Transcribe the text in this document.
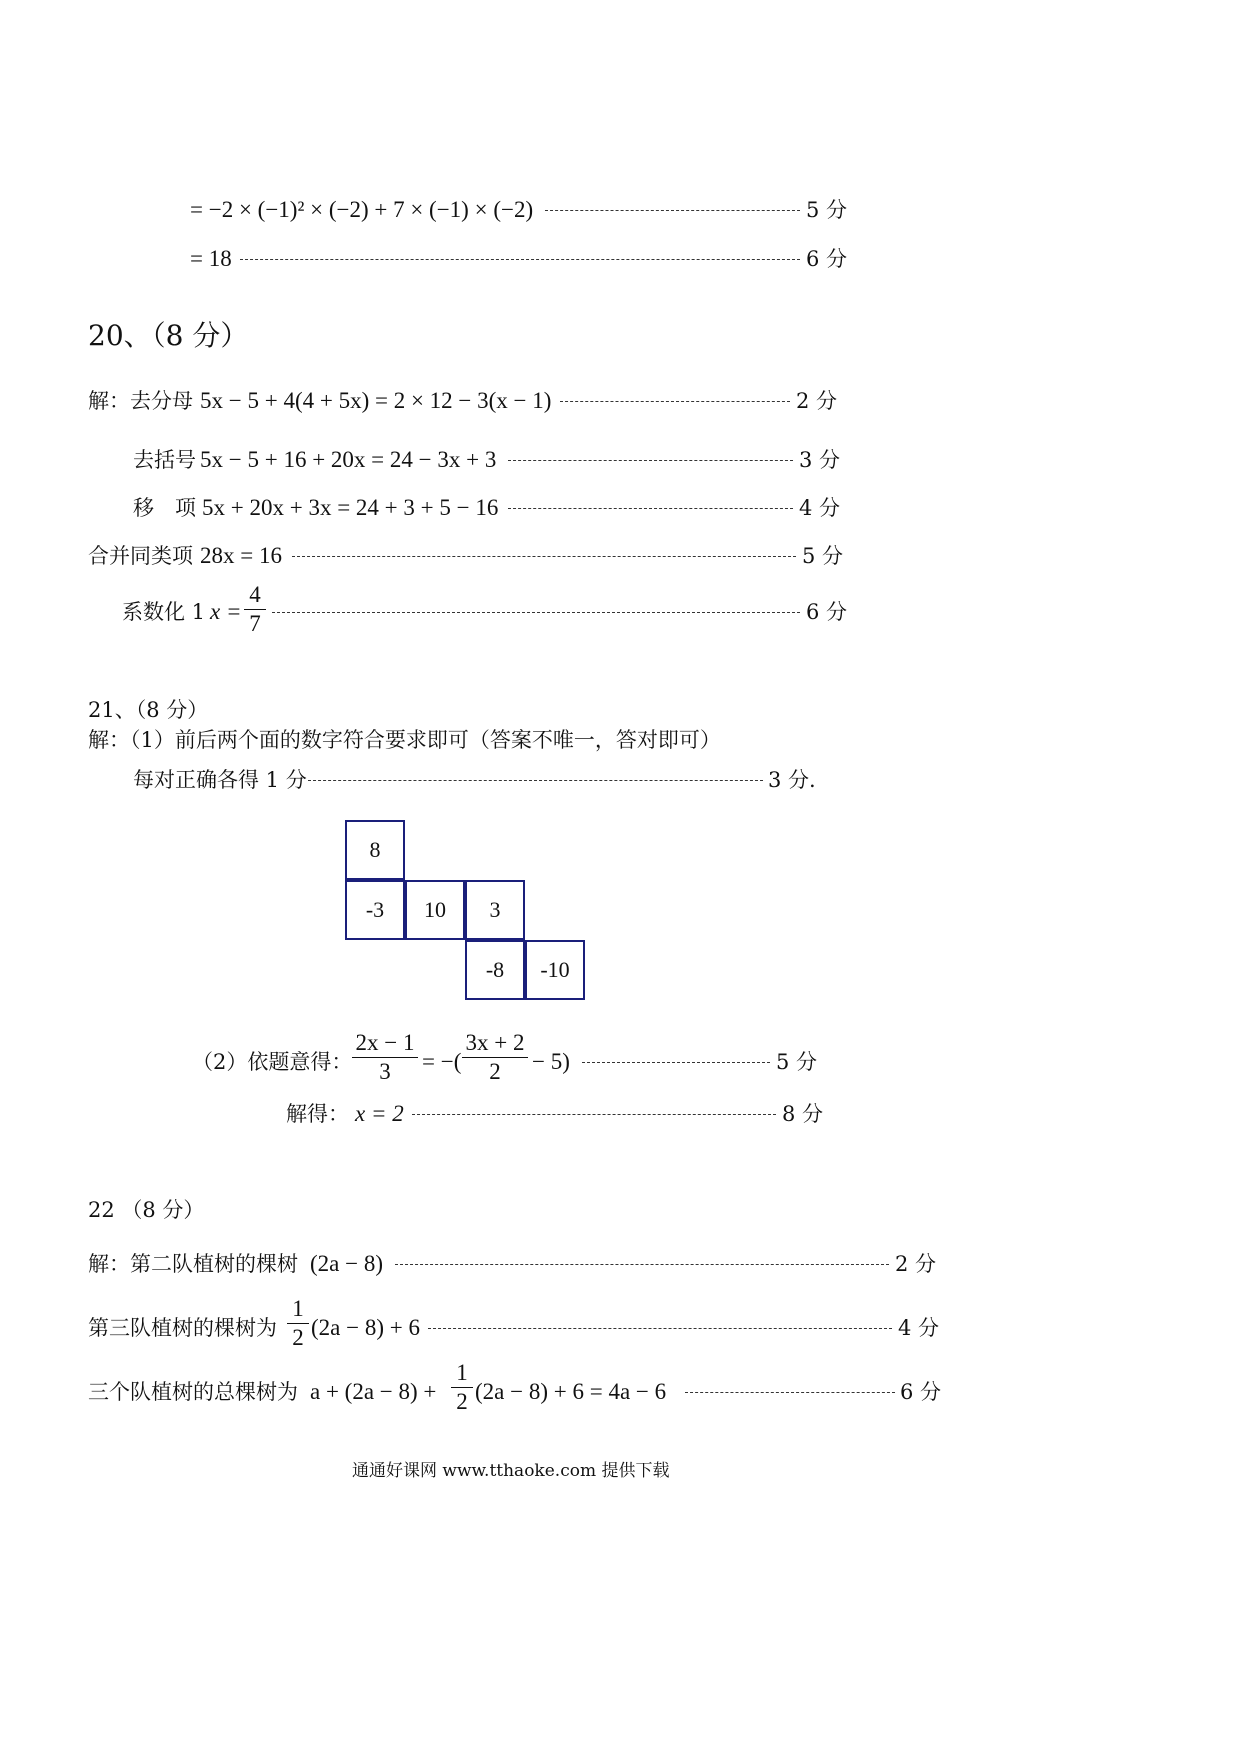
= −2 × (−1)² × (−2) + 7 × (−1) × (−2)	5 分
= 18	6 分
20、（8 分）
解：去分母 5x − 5 + 4(4 + 5x) = 2 × 12 − 3(x − 1)	2 分
去括号 5x − 5 + 16 + 20x = 24 − 3x + 3	3 分
移　项 5x + 20x + 3x = 24 + 3 + 5 − 16	4 分
合并同类项 28x = 16	5 分
系数化 1 x =
4
7	6 分
21、（8 分）
解：（1）前后两个面的数字符合要求即可（答案不唯一，答对即可）
每对正确各得 1 分	3 分.
8
-3	10	3
-8	-10
（2）依题意得：
2x − 1
3	= −(
3x + 2
2	− 5)	5 分
解得： x = 2	8 分
22 （8 分）
解：第二队植树的棵树 (2a − 8)	2 分
第三队植树的棵树为
1
2 (2a − 8) + 6	4 分
三个队植树的总棵树为 a + (2a − 8) +
1
2 (2a − 8) + 6 = 4a − 6	6 分
通通好课网 www.tthaoke.com 提供下载
